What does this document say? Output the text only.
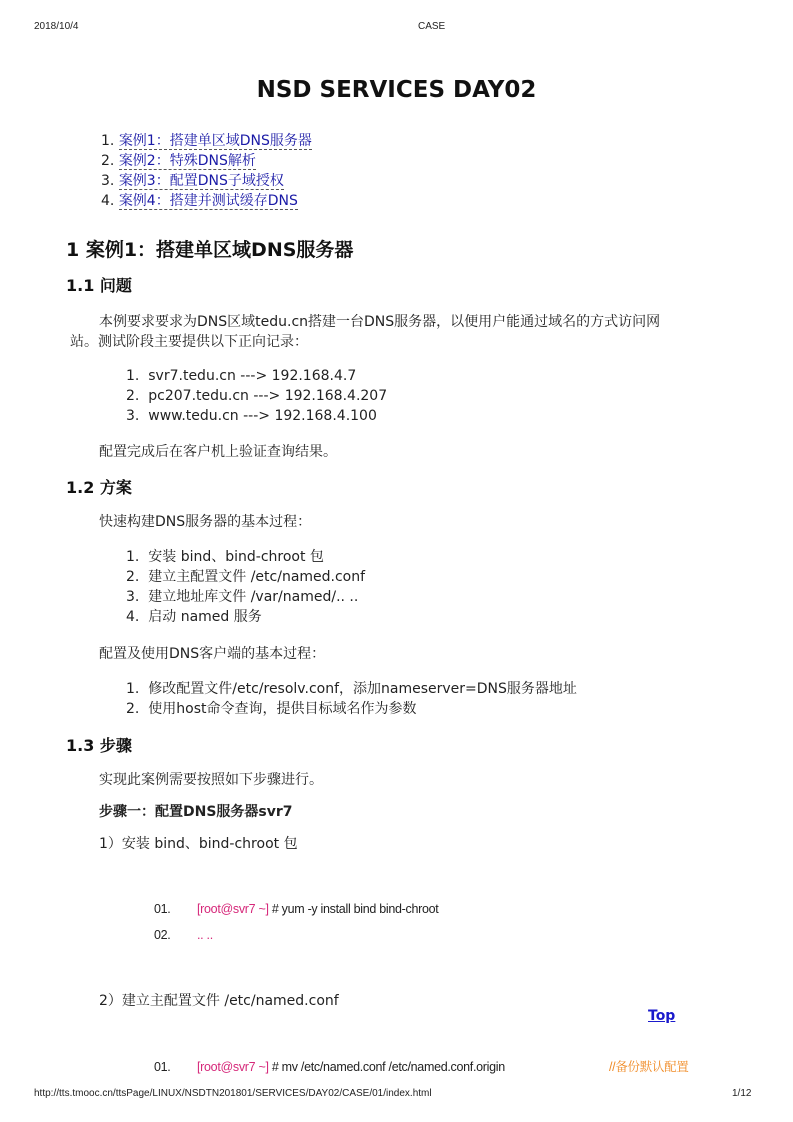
2018/10/4	CASE
NSD SERVICES DAY02
1. 案例1：搭建单区域DNS服务器
2. 案例2：特殊DNS解析
3. 案例3：配置DNS子域授权
4. 案例4：搭建并测试缓存DNS
1 案例1：搭建单区域DNS服务器
1.1 问题
本例要求要求为DNS区域tedu.cn搭建一台DNS服务器，以便用户能通过域名的方式访问网
站。测试阶段主要提供以下正向记录：
1. svr7.tedu.cn ---> 192.168.4.7
2. pc207.tedu.cn ---> 192.168.4.207
3. www.tedu.cn ---> 192.168.4.100
配置完成后在客户机上验证查询结果。
1.2 方案
快速构建DNS服务器的基本过程：
1. 安装 bind、bind-chroot 包
2. 建立主配置文件 /etc/named.conf
3. 建立地址库文件 /var/named/.. ..
4. 启动 named 服务
配置及使用DNS客户端的基本过程：
1. 修改配置文件/etc/resolv.conf，添加nameserver=DNS服务器地址
2. 使用host命令查询，提供目标域名作为参数
1.3 步骤
实现此案例需要按照如下步骤进行。
步骤一：配置DNS服务器svr7
1）安装 bind、bind-chroot 包
01. [root@svr7 ~] # yum -y install bind bind-chroot
02. .. ..
2）建立主配置文件 /etc/named.conf
Top
01. [root@svr7 ~] # mv /etc/named.conf /etc/named.conf.origin	//备份默认配置
http://tts.tmooc.cn/ttsPage/LINUX/NSDTN201801/SERVICES/DAY02/CASE/01/index.html	1/12
